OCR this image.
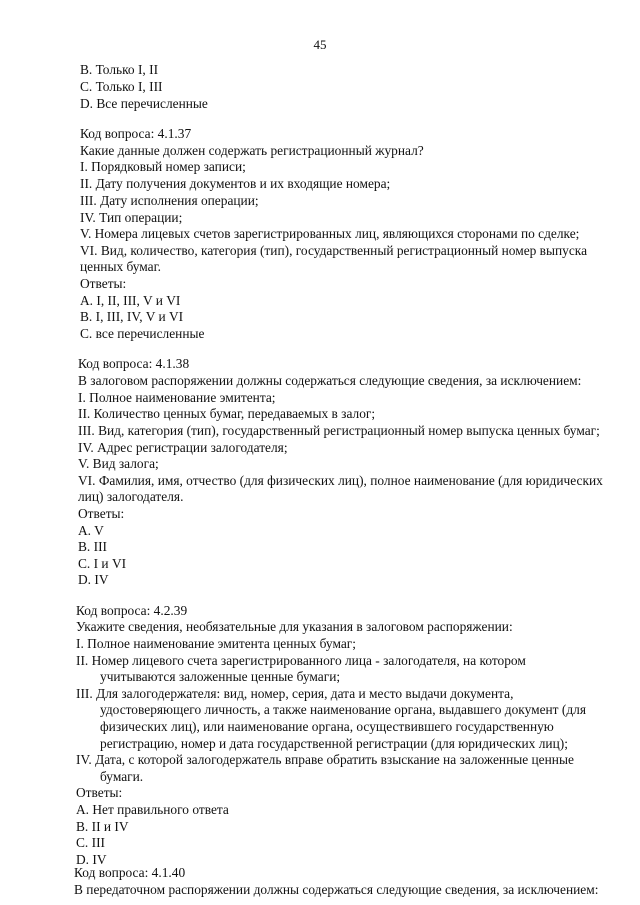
45
B. Только I, II
C. Только I, III
D. Все перечисленные
Код вопроса: 4.1.37
Какие данные должен содержать регистрационный журнал?
I. Порядковый номер записи;
II. Дату получения документов и их входящие номера;
III. Дату исполнения операции;
IV. Тип операции;
V. Номера лицевых счетов зарегистрированных лиц, являющихся сторонами по сделке;
VI. Вид, количество, категория (тип), государственный регистрационный номер выпуска
ценных бумаг.
Ответы:
A. I, II, III, V и VI
B. I, III, IV, V и VI
C. все перечисленные
Код вопроса: 4.1.38
В залоговом распоряжении должны содержаться следующие сведения, за исключением:
I. Полное наименование эмитента;
II. Количество ценных бумаг, передаваемых в залог;
III. Вид, категория (тип), государственный регистрационный номер выпуска ценных бумаг;
IV. Адрес регистрации залогодателя;
V. Вид залога;
VI. Фамилия, имя, отчество (для физических лиц), полное наименование (для юридических
лиц) залогодателя.
Ответы:
A. V
B. III
C. I и VI
D. IV
Код вопроса: 4.2.39
Укажите сведения, необязательные для указания в залоговом распоряжении:
I. Полное наименование эмитента ценных бумаг;
II. Номер лицевого счета зарегистрированного лица - залогодателя, на котором
учитываются заложенные ценные бумаги;
III. Для залогодержателя: вид, номер, серия, дата и место выдачи документа,
удостоверяющего личность, а также наименование органа, выдавшего документ (для
физических лиц), или наименование органа, осуществившего государственную
регистрацию, номер и дата государственной регистрации (для юридических лиц);
IV. Дата, с которой залогодержатель вправе обратить взыскание на заложенные ценные
бумаги.
Ответы:
A. Нет правильного ответа
B. II и IV
C. III
D. IV
Код вопроса: 4.1.40
В передаточном распоряжении должны содержаться следующие сведения, за исключением:
